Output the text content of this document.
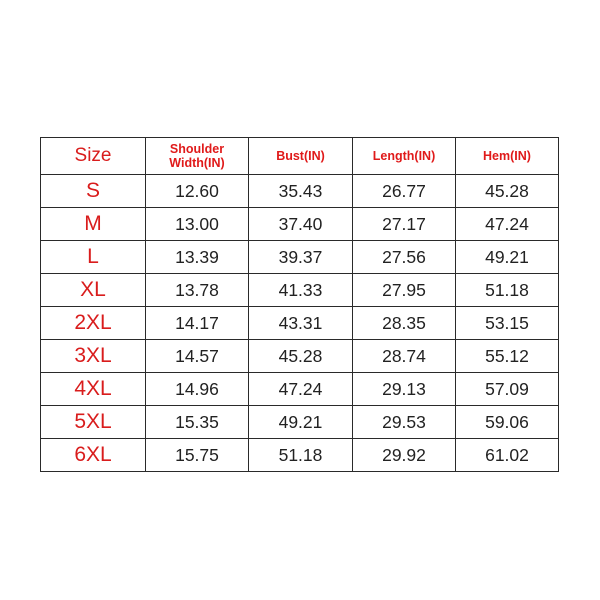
Size	Shoulder Width(IN)	Bust(IN)	Length(IN)	Hem(IN)
S	12.60	35.43	26.77	45.28
M	13.00	37.40	27.17	47.24
L	13.39	39.37	27.56	49.21
XL	13.78	41.33	27.95	51.18
2XL	14.17	43.31	28.35	53.15
3XL	14.57	45.28	28.74	55.12
4XL	14.96	47.24	29.13	57.09
5XL	15.35	49.21	29.53	59.06
6XL	15.75	51.18	29.92	61.02
